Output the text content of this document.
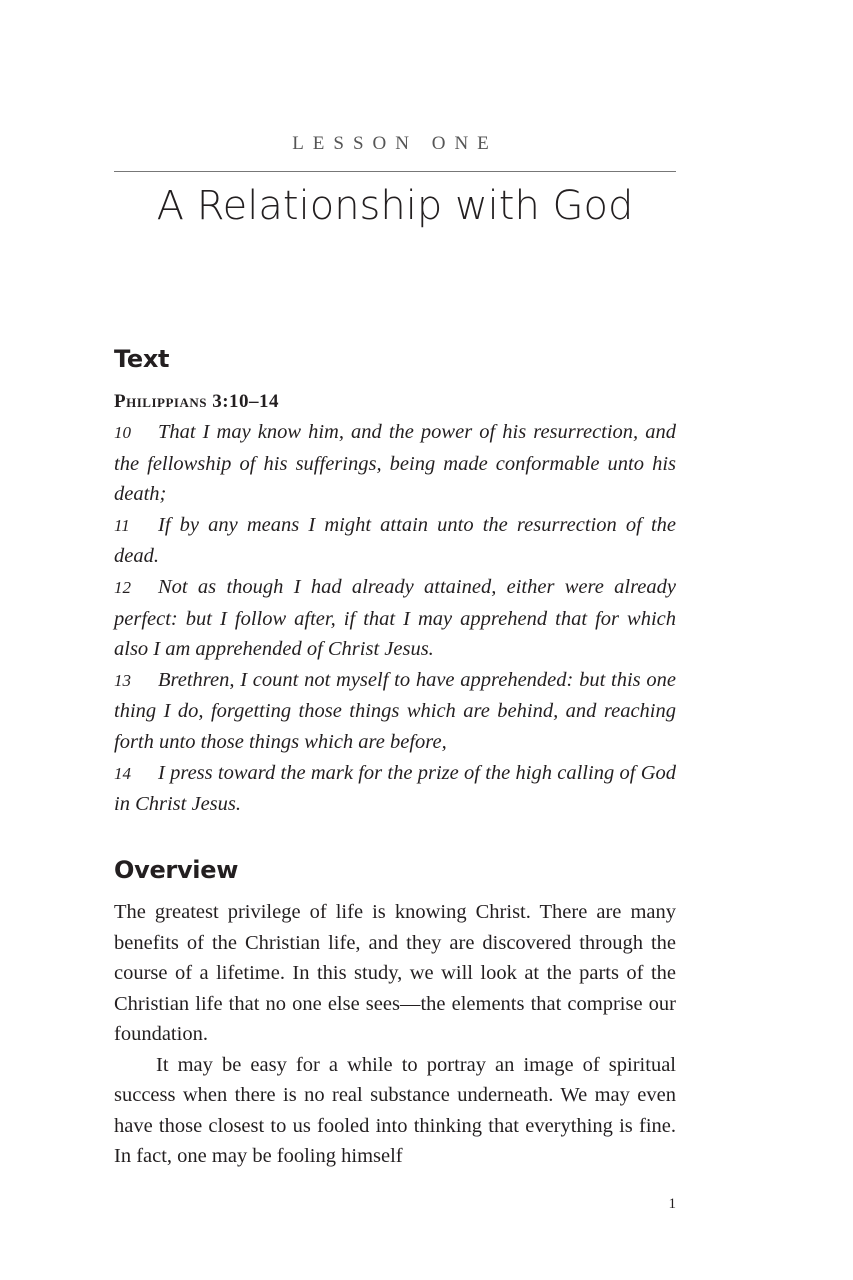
LESSON ONE
A Relationship with God
Text
Philippians 3:10–14

10 That I may know him, and the power of his resurrection, and the fellowship of his sufferings, being made conformable unto his death;

11 If by any means I might attain unto the resurrection of the dead.

12 Not as though I had already attained, either were already perfect: but I follow after, if that I may apprehend that for which also I am apprehended of Christ Jesus.

13 Brethren, I count not myself to have apprehended: but this one thing I do, forgetting those things which are behind, and reaching forth unto those things which are before,

14 I press toward the mark for the prize of the high calling of God in Christ Jesus.

Overview

The greatest privilege of life is knowing Christ. There are many benefits of the Christian life, and they are discovered through the course of a lifetime. In this study, we will look at the parts of the Christian life that no one else sees—the elements that comprise our foundation.

It may be easy for a while to portray an image of spiritual success when there is no real substance underneath. We may even have those closest to us fooled into thinking that everything is fine. In fact, one may be fooling himself

1
